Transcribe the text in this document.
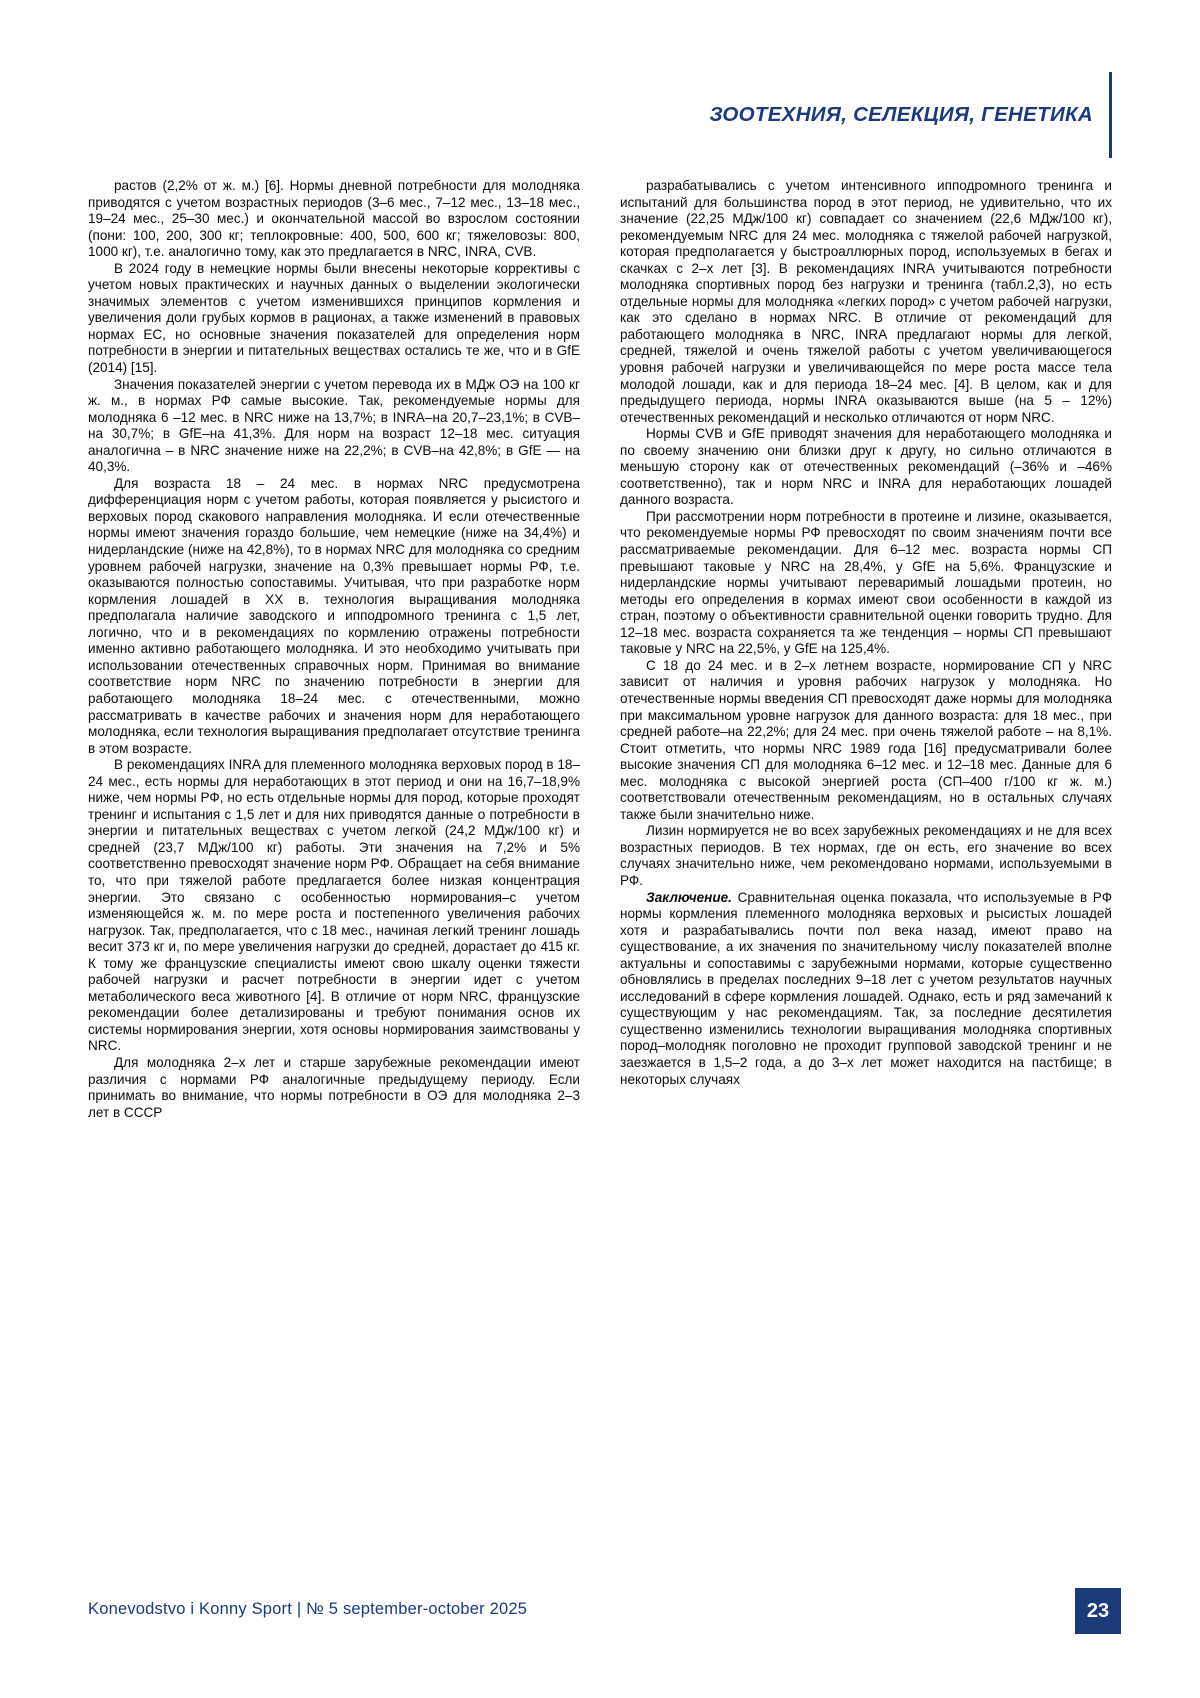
ЗООТЕХНИЯ, СЕЛЕКЦИЯ, ГЕНЕТИКА

растов (2,2% от ж. м.) [6]. Нормы дневной потребности для молодняка приводятся с учетом возрастных периодов (3–6 мес., 7–12 мес., 13–18 мес., 19–24 мес., 25–30 мес.) и окончательной массой во взрослом состоянии (пони: 100, 200, 300 кг; теплокровные: 400, 500, 600 кг; тяжеловозы: 800, 1000 кг), т.е. аналогично тому, как это предлагается в NRC, INRA, CVB.

В 2024 году в немецкие нормы были внесены некоторые коррективы с учетом новых практических и научных данных о выделении экологически значимых элементов с учетом изменившихся принципов кормления и увеличения доли грубых кормов в рационах, а также изменений в правовых нормах ЕС, но основные значения показателей для определения норм потребности в энергии и питательных веществах остались те же, что и в GfE (2014) [15].

Значения показателей энергии с учетом перевода их в МДж ОЭ на 100 кг ж. м., в нормах РФ самые высокие. Так, рекомендуемые нормы для молодняка 6 –12 мес. в NRC ниже на 13,7%; в INRA–на 20,7–23,1%; в CVB–на 30,7%; в GfE–на 41,3%. Для норм на возраст 12–18 мес. ситуация аналогична – в NRC значение ниже на 22,2%; в CVB–на 42,8%; в GfE — на 40,3%.

Для возраста 18 – 24 мес. в нормах NRC предусмотрена дифференциация норм с учетом работы, которая появляется у рысистого и верховых пород скакового направления молодняка. И если отечественные нормы имеют значения гораздо большие, чем немецкие (ниже на 34,4%) и нидерландские (ниже на 42,8%), то в нормах NRC для молодняка со средним уровнем рабочей нагрузки, значение на 0,3% превышает нормы РФ, т.е. оказываются полностью сопоставимы. Учитывая, что при разработке норм кормления лошадей в ХХ в. технология выращивания молодняка предполагала наличие заводского и ипподромного тренинга с 1,5 лет, логично, что и в рекомендациях по кормлению отражены потребности именно активно работающего молодняка. И это необходимо учитывать при использовании отечественных справочных норм. Принимая во внимание соответствие норм NRC по значению потребности в энергии для работающего молодняка 18–24 мес. с отечественными, можно рассматривать в качестве рабочих и значения норм для неработающего молодняка, если технология выращивания предполагает отсутствие тренинга в этом возрасте.

В рекомендациях INRA для племенного молодняка верховых пород в 18– 24 мес., есть нормы для неработающих в этот период и они на 16,7–18,9% ниже, чем нормы РФ, но есть отдельные нормы для пород, которые проходят тренинг и испытания с 1,5 лет и для них приводятся данные о потребности в энергии и питательных веществах с учетом легкой (24,2 МДж/100 кг) и средней (23,7 МДж/100 кг) работы. Эти значения на 7,2% и 5% соответственно превосходят значение норм РФ. Обращает на себя внимание то, что при тяжелой работе предлагается более низкая концентрация энергии. Это связано с особенностью нормирования–с учетом изменяющейся ж. м. по мере роста и постепенного увеличения рабочих нагрузок. Так, предполагается, что с 18 мес., начиная легкий тренинг лошадь весит 373 кг и, по мере увеличения нагрузки до средней, дорастает до 415 кг. К тому же французские специалисты имеют свою шкалу оценки тяжести рабочей нагрузки и расчет потребности в энергии идет с учетом метаболического веса животного [4]. В отличие от норм NRC, французские рекомендации более детализированы и требуют понимания основ их системы нормирования энергии, хотя основы нормирования заимствованы у NRC.

Для молодняка 2–х лет и старше зарубежные рекомендации имеют различия с нормами РФ аналогичные предыдущему периоду. Если принимать во внимание, что нормы потребности в ОЭ для молодняка 2–3 лет в СССР

разрабатывались с учетом интенсивного ипподромного тренинга и испытаний для большинства пород в этот период, не удивительно, что их значение (22,25 МДж/100 кг) совпадает со значением (22,6 МДж/100 кг), рекомендуемым NRC для 24 мес. молодняка с тяжелой рабочей нагрузкой, которая предполагается у быстроаллюрных пород, используемых в бегах и скачках с 2–х лет [3]. В рекомендациях INRA учитываются потребности молодняка спортивных пород без нагрузки и тренинга (табл.2,3), но есть отдельные нормы для молодняка «легких пород» с учетом рабочей нагрузки, как это сделано в нормах NRC. В отличие от рекомендаций для работающего молодняка в NRC, INRA предлагают нормы для легкой, средней, тяжелой и очень тяжелой работы с учетом увеличивающегося уровня рабочей нагрузки и увеличивающейся по мере роста массе тела молодой лошади, как и для периода 18–24 мес. [4]. В целом, как и для предыдущего периода, нормы INRA оказываются выше (на 5 – 12%) отечественных рекомендаций и несколько отличаются от норм NRC.

Нормы CVB и GfE приводят значения для неработающего молодняка и по своему значению они близки друг к другу, но сильно отличаются в меньшую сторону как от отечественных рекомендаций (–36% и –46% соответственно), так и норм NRC и INRA для неработающих лошадей данного возраста.

При рассмотрении норм потребности в протеине и лизине, оказывается, что рекомендуемые нормы РФ превосходят по своим значениям почти все рассматриваемые рекомендации. Для 6–12 мес. возраста нормы СП превышают таковые у NRC на 28,4%, у GfE на 5,6%. Французские и нидерландские нормы учитывают переваримый лошадьми протеин, но методы его определения в кормах имеют свои особенности в каждой из стран, поэтому о объективности сравнительной оценки говорить трудно. Для 12–18 мес. возраста сохраняется та же тенденция – нормы СП превышают таковые у NRC на 22,5%, у GfE на 125,4%.

С 18 до 24 мес. и в 2–х летнем возрасте, нормирование СП у NRC зависит от наличия и уровня рабочих нагрузок у молодняка. Но отечественные нормы введения СП превосходят даже нормы для молодняка при максимальном уровне нагрузок для данного возраста: для 18 мес., при средней работе–на 22,2%; для 24 мес. при очень тяжелой работе – на 8,1%. Стоит отметить, что нормы NRC 1989 года [16] предусматривали более высокие значения СП для молодняка 6–12 мес. и 12–18 мес. Данные для 6 мес. молодняка с высокой энергией роста (СП–400 г/100 кг ж. м.) соответствовали отечественным рекомендациям, но в остальных случаях также были значительно ниже.

Лизин нормируется не во всех зарубежных рекомендациях и не для всех возрастных периодов. В тех нормах, где он есть, его значение во всех случаях значительно ниже, чем рекомендовано нормами, используемыми в РФ.

Заключение. Сравнительная оценка показала, что используемые в РФ нормы кормления племенного молодняка верховых и рысистых лошадей хотя и разрабатывались почти пол века назад, имеют право на существование, а их значения по значительному числу показателей вполне актуальны и сопоставимы с зарубежными нормами, которые существенно обновлялись в пределах последних 9–18 лет с учетом результатов научных исследований в сфере кормления лошадей. Однако, есть и ряд замечаний к существующим у нас рекомендациям. Так, за последние десятилетия существенно изменились технологии выращивания молодняка спортивных пород–молодняк поголовно не проходит групповой заводской тренинг и не заезжается в 1,5–2 года, а до 3–х лет может находится на пастбище; в некоторых случаях

Konevodstvo i Konny Sport | № 5 september-october 2025	23
